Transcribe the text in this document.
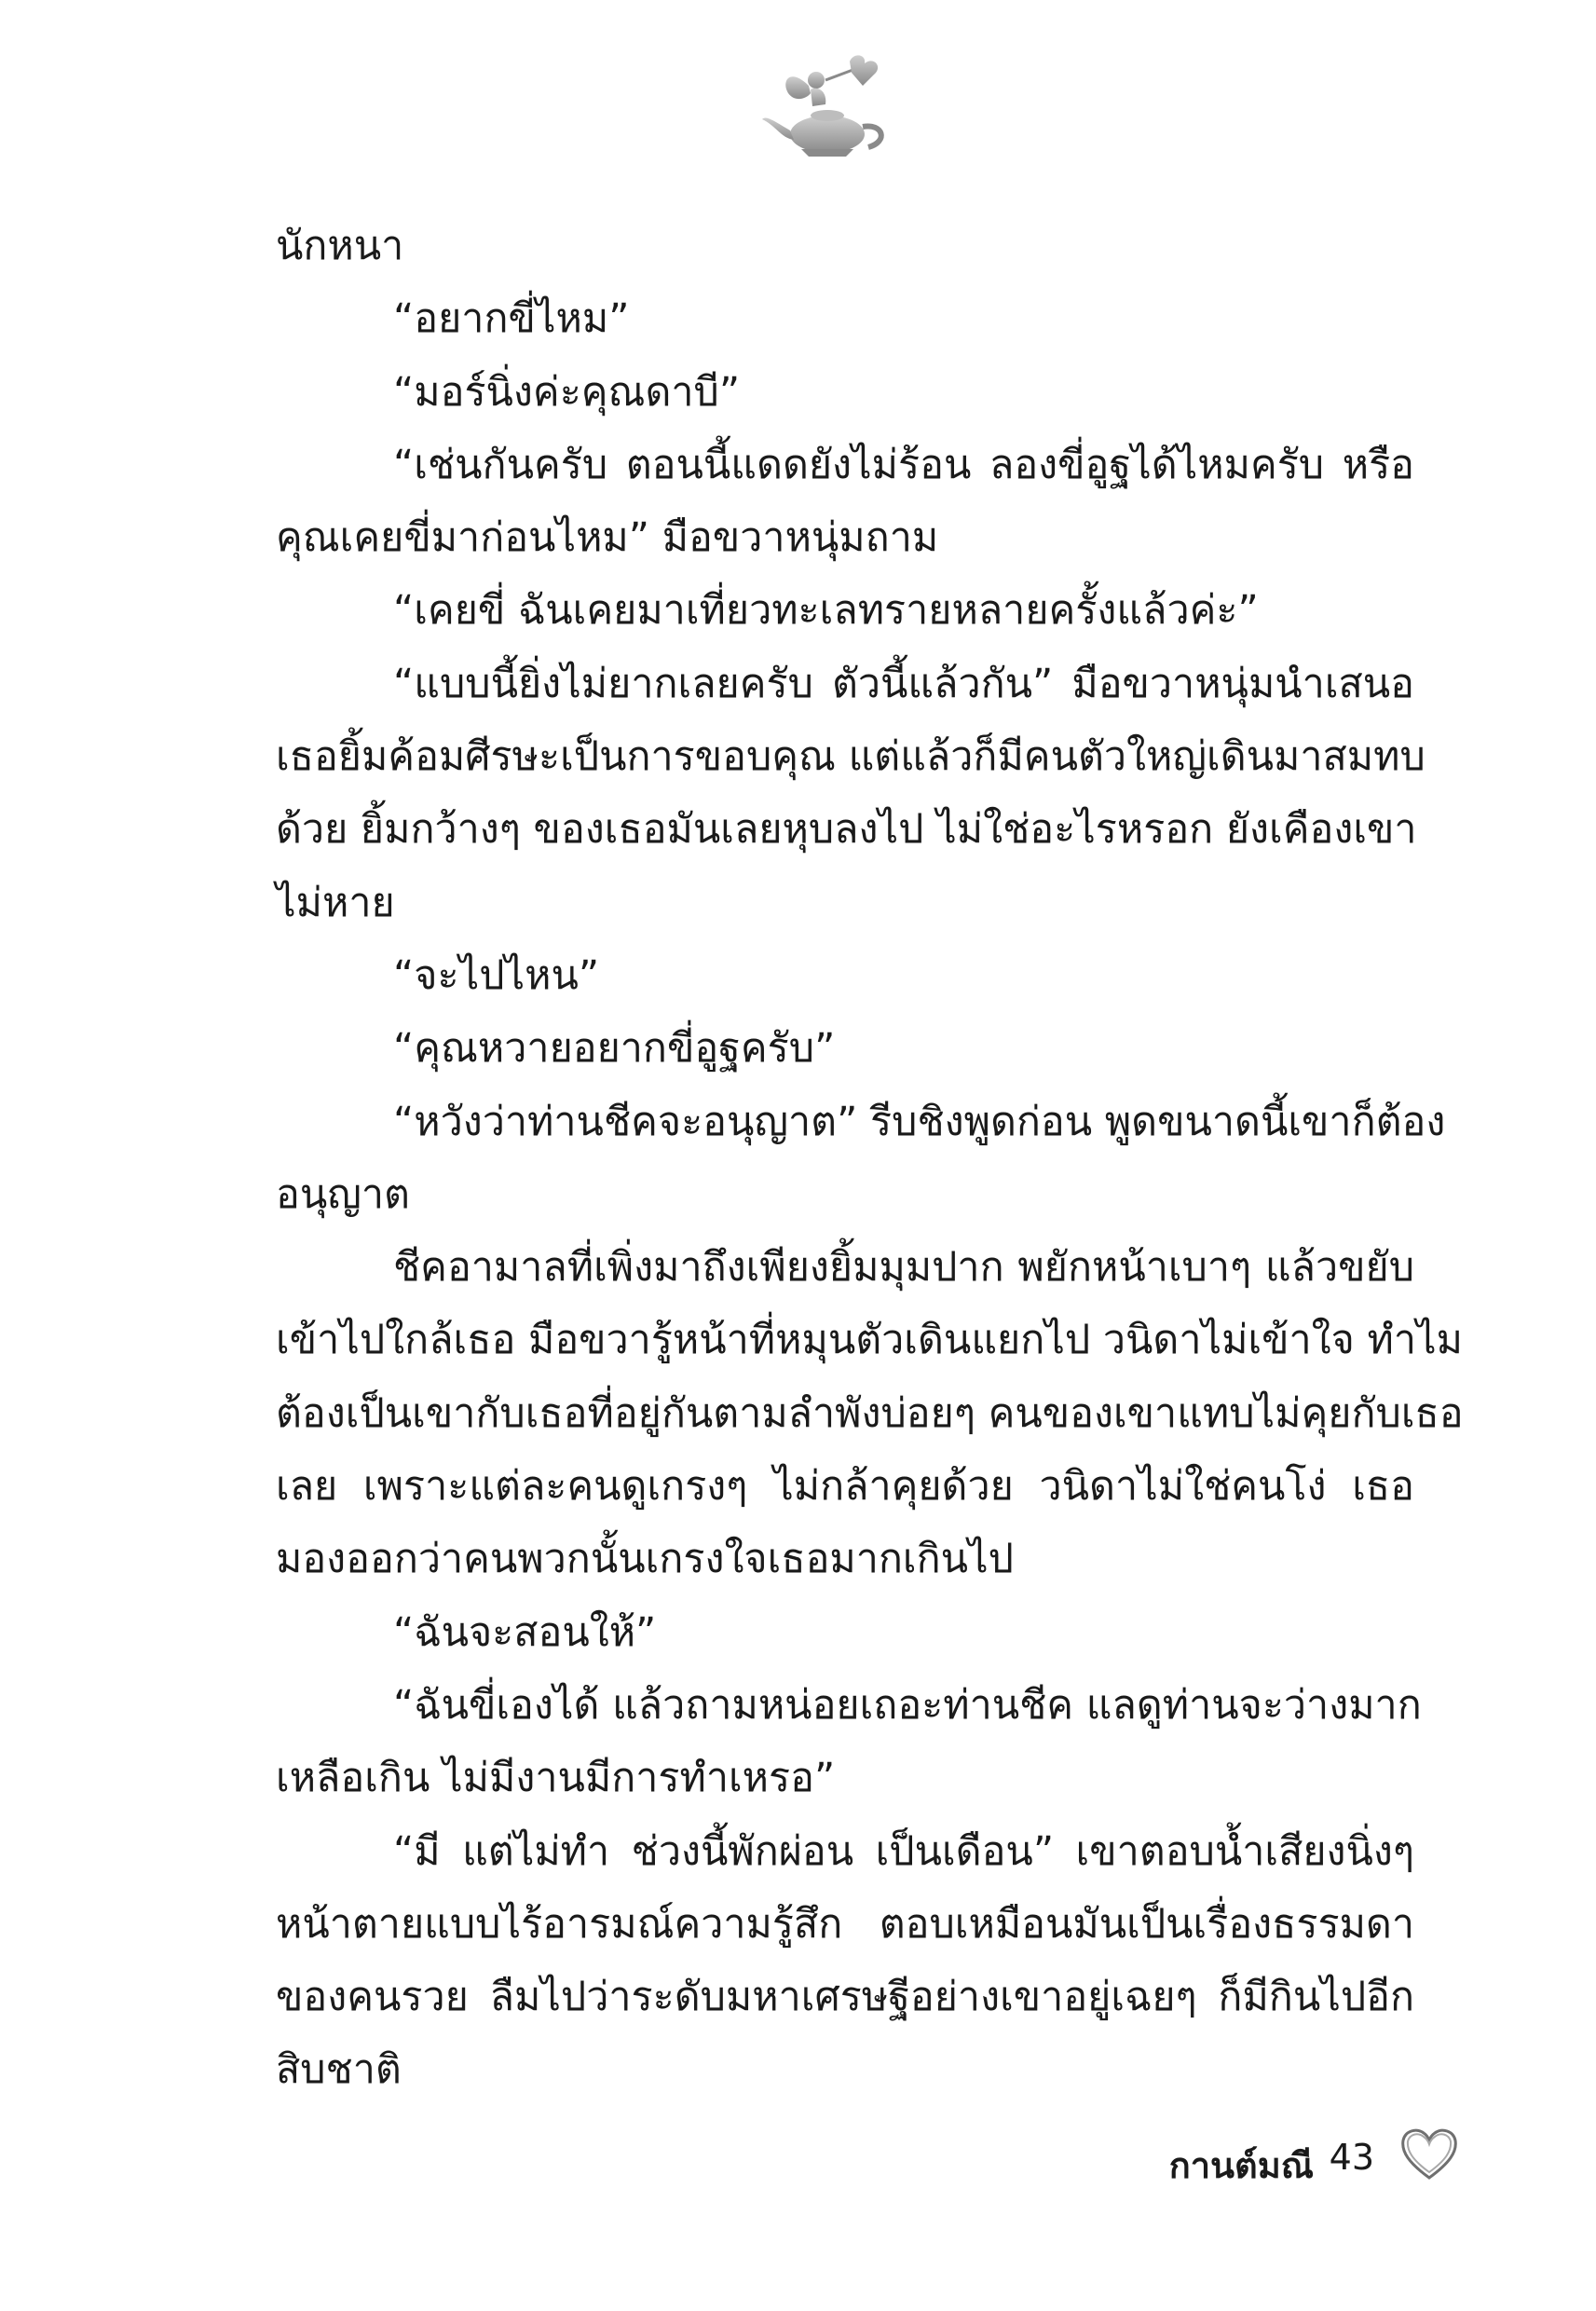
นักหนา
“อยากขี่ไหม”
“มอร์นิ่งค่ะคุณดาบี”
“เช่นกันครับ ตอนนี้แดดยังไม่ร้อน ลองขี่อูฐได้ไหมครับ หรือ
คุณเคยขี่มาก่อนไหม” มือขวาหนุ่มถาม
“เคยขี่ ฉันเคยมาเที่ยวทะเลทรายหลายครั้งแล้วค่ะ”
“แบบนี้ยิ่งไม่ยากเลยครับ ตัวนี้แล้วกัน” มือขวาหนุ่มนำเสนอ
เธอยิ้มค้อมศีรษะเป็นการขอบคุณ แต่แล้วก็มีคนตัวใหญ่เดินมาสมทบ
ด้วย ยิ้มกว้างๆ ของเธอมันเลยหุบลงไป ไม่ใช่อะไรหรอก ยังเคืองเขา
ไม่หาย
“จะไปไหน”
“คุณหวายอยากขี่อูฐครับ”
“หวังว่าท่านชีคจะอนุญาต” รีบชิงพูดก่อน พูดขนาดนี้เขาก็ต้อง
อนุญาต
ชีคอามาลที่เพิ่งมาถึงเพียงยิ้มมุมปาก พยักหน้าเบาๆ แล้วขยับ
เข้าไปใกล้เธอ มือขวารู้หน้าที่หมุนตัวเดินแยกไป วนิดาไม่เข้าใจ ทำไม
ต้องเป็นเขากับเธอที่อยู่กันตามลำพังบ่อยๆ คนของเขาแทบไม่คุยกับเธอ
เลย เพราะแต่ละคนดูเกรงๆ ไม่กล้าคุยด้วย วนิดาไม่ใช่คนโง่ เธอ
มองออกว่าคนพวกนั้นเกรงใจเธอมากเกินไป
“ฉันจะสอนให้”
“ฉันขี่เองได้ แล้วถามหน่อยเถอะท่านชีค แลดูท่านจะว่างมาก
เหลือเกิน ไม่มีงานมีการทำเหรอ”
“มี แต่ไม่ทำ ช่วงนี้พักผ่อน เป็นเดือน” เขาตอบน้ำเสียงนิ่งๆ
หน้าตายแบบไร้อารมณ์ความรู้สึก ตอบเหมือนมันเป็นเรื่องธรรมดา
ของคนรวย ลืมไปว่าระดับมหาเศรษฐีอย่างเขาอยู่เฉยๆ ก็มีกินไปอีก
สิบชาติ
กานต์มณี 43
